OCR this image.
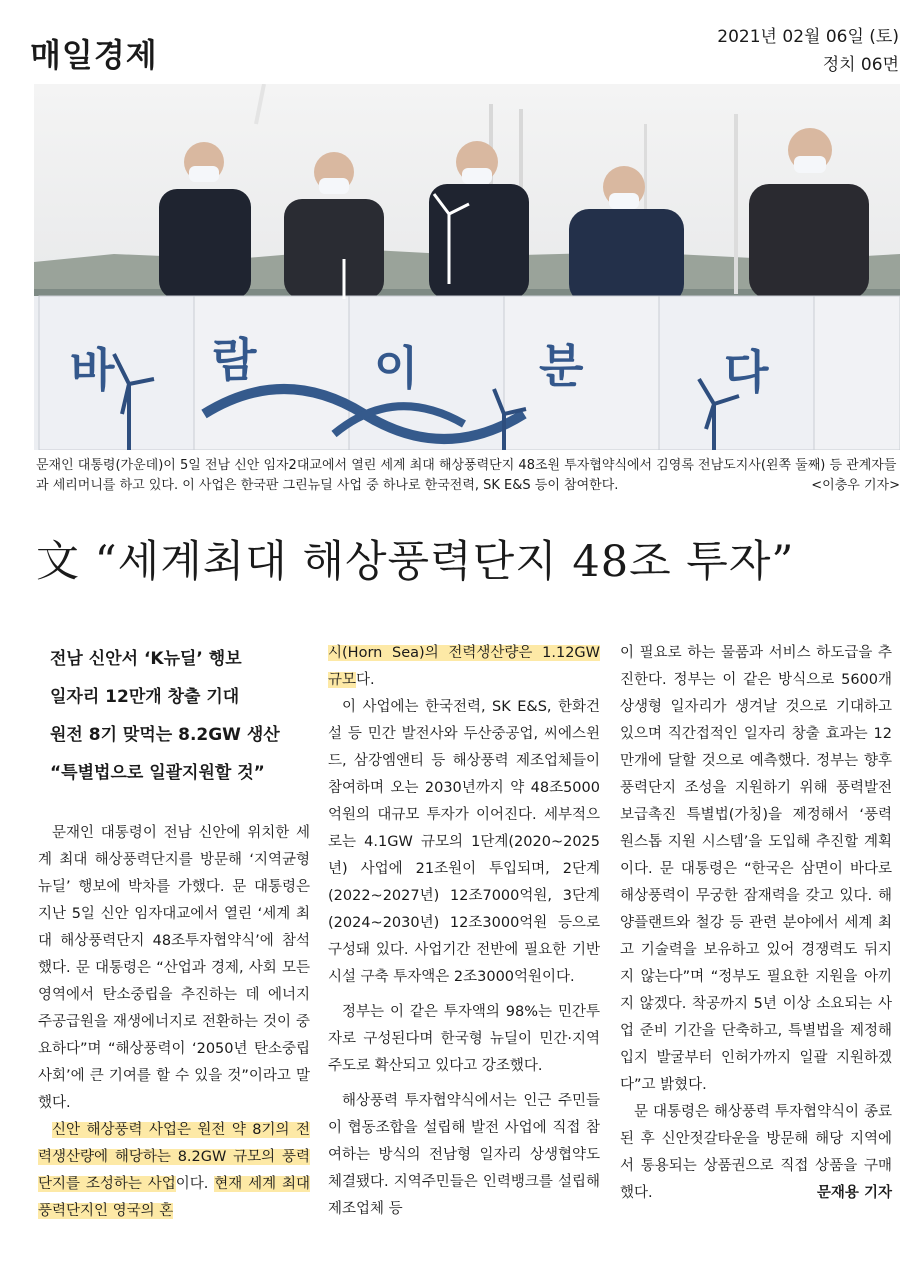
매일경제	2021년 02월 06일 (토)
정치 06면
바 람	이	분	다
문재인 대통령(가운데)이 5일 전남 신안 임자2대교에서 열린 세계 최대 해상풍력단지 48조원 투자협약식에서 김영록 전남도지사(왼쪽 둘째) 등 관계자들과 세리머니를 하고 있다. 이 사업은 한국판 그린뉴딜 사업 중 하나로 한국전력, SK E&S 등이 참여한다.	<이충우 기자>
文 “세계최대 해상풍력단지 48조 투자”
전남 신안서 ‘K뉴딜’ 행보
일자리 12만개 창출 기대
원전 8기 맞먹는 8.2GW 생산
“특별법으로 일괄지원할 것”

문재인 대통령이 전남 신안에 위치한 세계 최대 해상풍력단지를 방문해 ‘지역균형 뉴딜’ 행보에 박차를 가했다. 문 대통령은 지난 5일 신안 임자대교에서 열린 ‘세계 최대 해상풍력단지 48조투자협약식’에 참석했다. 문 대통령은 “산업과 경제, 사회 모든 영역에서 탄소중립을 추진하는 데 에너지 주공급원을 재생에너지로 전환하는 것이 중요하다”며 “해상풍력이 ‘2050년 탄소중립사회’에 큰 기여를 할 수 있을 것”이라고 말했다.

신안 해상풍력 사업은 원전 약 8기의 전력생산량에 해당하는 8.2GW 규모의 풍력단지를 조성하는 사업이다. 현재 세계 최대 풍력단지인 영국의 혼

시(Horn Sea)의 전력생산량은 1.12GW 규모다.

이 사업에는 한국전력, SK E&S, 한화건설 등 민간 발전사와 두산중공업, 씨에스윈드, 삼강엠앤티 등 해상풍력 제조업체들이 참여하며 오는 2030년까지 약 48조5000억원의 대규모 투자가 이어진다. 세부적으로는 4.1GW 규모의 1단계(2020~2025년) 사업에 21조원이 투입되며, 2단계(2022~2027년) 12조7000억원, 3단계(2024~2030년) 12조3000억원 등으로 구성돼 있다. 사업기간 전반에 필요한 기반시설 구축 투자액은 2조3000억원이다.

정부는 이 같은 투자액의 98%는 민간투자로 구성된다며 한국형 뉴딜이 민간·지역 주도로 확산되고 있다고 강조했다.

해상풍력 투자협약식에서는 인근 주민들이 협동조합을 설립해 발전 사업에 직접 참여하는 방식의 전남형 일자리 상생협약도 체결됐다. 지역주민들은 인력뱅크를 설립해 제조업체 등

이 필요로 하는 물품과 서비스 하도급을 추진한다. 정부는 이 같은 방식으로 5600개 상생형 일자리가 생겨날 것으로 기대하고 있으며 직간접적인 일자리 창출 효과는 12만개에 달할 것으로 예측했다. 정부는 향후 풍력단지 조성을 지원하기 위해 풍력발전 보급촉진 특별법(가칭)을 제정해서 ‘풍력 원스톱 지원 시스템’을 도입해 추진할 계획이다. 문 대통령은 “한국은 삼면이 바다로 해상풍력이 무궁한 잠재력을 갖고 있다. 해양플랜트와 철강 등 관련 분야에서 세계 최고 기술력을 보유하고 있어 경쟁력도 뒤지지 않는다”며 “정부도 필요한 지원을 아끼지 않겠다. 착공까지 5년 이상 소요되는 사업 준비 기간을 단축하고, 특별법을 제정해 입지 발굴부터 인허가까지 일괄 지원하겠다”고 밝혔다.

문 대통령은 해상풍력 투자협약식이 종료된 후 신안젓갈타운을 방문해 해당 지역에서 통용되는 상품권으로 직접 상품을 구매했다.	문재용 기자
